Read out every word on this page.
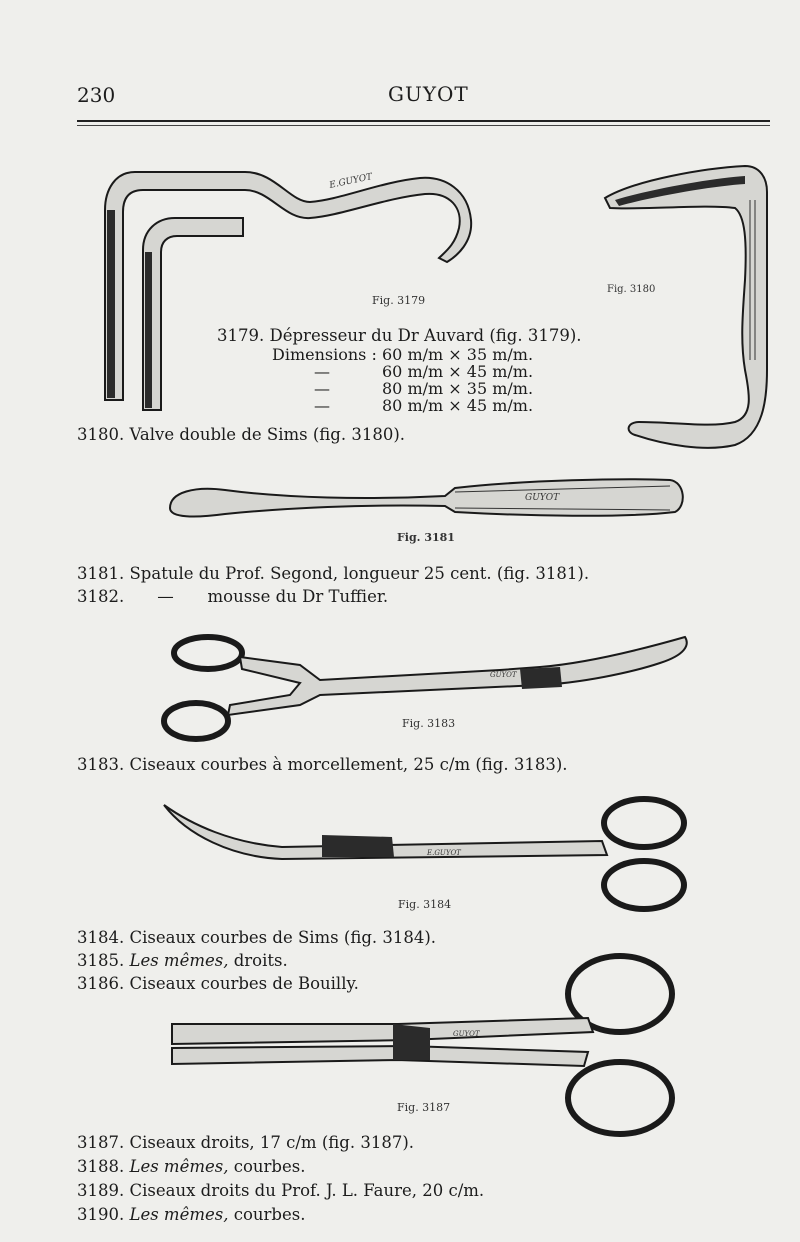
230	GUYOT
E.GUYOT
Fig. 3179
Fig. 3180
3179. Dépresseur du Dr Auvard (fig. 3179).
Dimensions : 60 m/m × 35 m/m.
—	60 m/m × 45 m/m.
—	80 m/m × 35 m/m.
—	80 m/m × 45 m/m.
3180. Valve double de Sims (fig. 3180).
GUYOT
Fig. 3181
3181. Spatule du Prof. Segond, longueur 25 cent. (fig. 3181).
3182. — mousse du Dr Tuffier.
GUYOT
Fig. 3183
3183. Ciseaux courbes à morcellement, 25 c/m (fig. 3183).
E.GUYOT
Fig. 3184
3184. Ciseaux courbes de Sims (fig. 3184).
3185. Les mêmes, droits.
3186. Ciseaux courbes de Bouilly.
GUYOT
Fig. 3187
3187. Ciseaux droits, 17 c/m (fig. 3187).
3188. Les mêmes, courbes.
3189. Ciseaux droits du Prof. J. L. Faure, 20 c/m.
3190. Les mêmes, courbes.
